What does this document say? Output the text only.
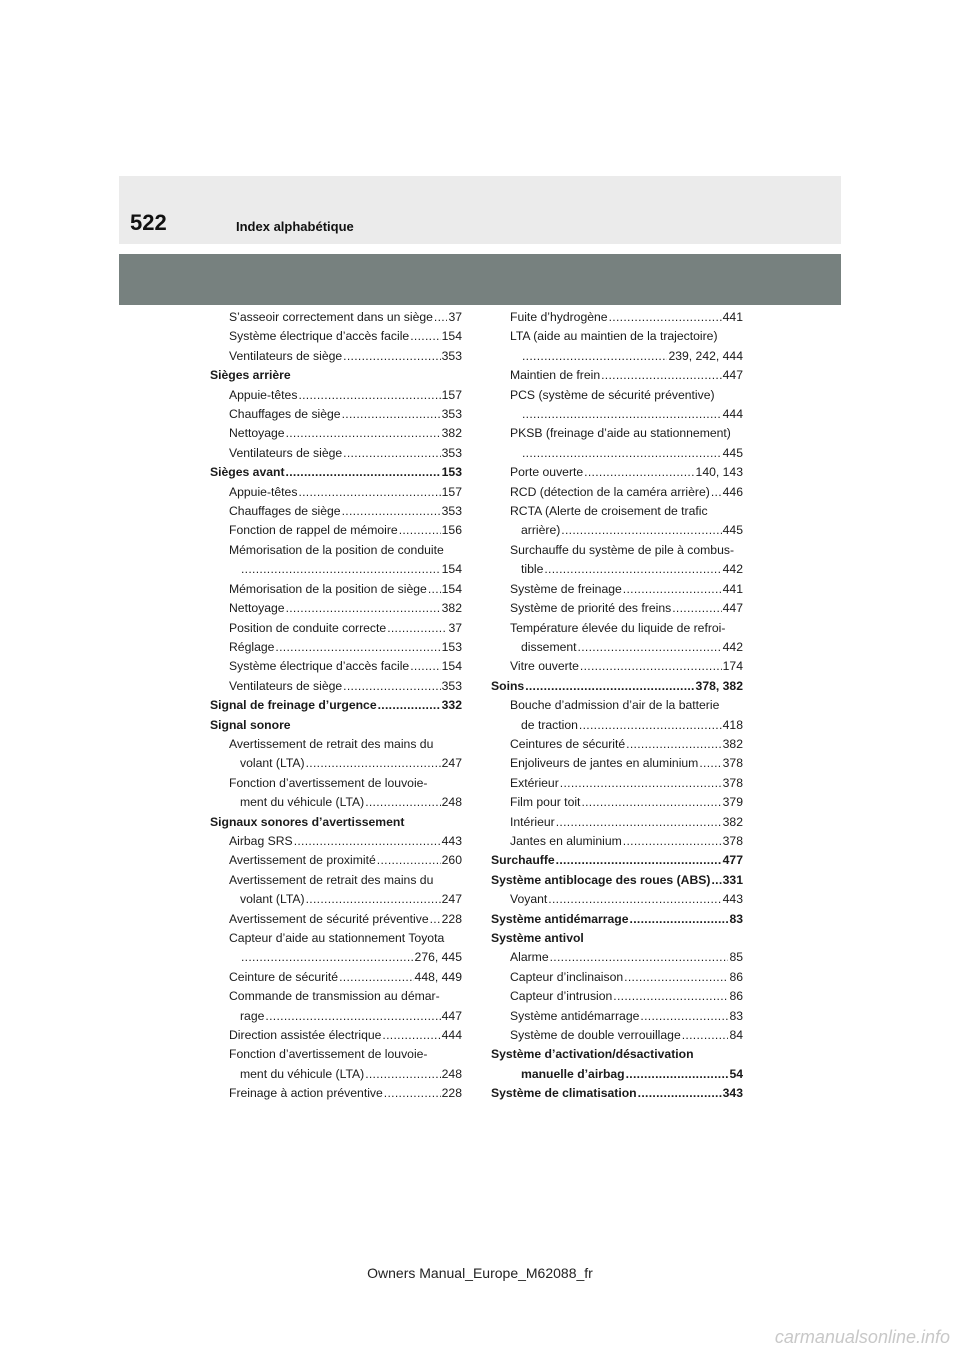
522	Index alphabétique
S’asseoir correctement dans un siège ..... 37
Système électrique d’accès facile .....	154
Ventilateurs de siège .....	353
Sièges arrière
Appuie-têtes .....	157
Chauffages de siège .....	353
Nettoyage .....	382
Ventilateurs de siège .....	353
Sièges avant .....	153
Appuie-têtes .....	157
Chauffages de siège .....	353
Fonction de rappel de mémoire .....	156
Mémorisation de la position de conduite
.....
154
Mémorisation de la position de siège ..... 154
Nettoyage .....	382
Position de conduite correcte .....	37
Réglage .....	153
Système électrique d’accès facile .....	154
Ventilateurs de siège .....	353
Signal de freinage d’urgence .....	332
Signal sonore
Avertissement de retrait des mains du
volant (LTA) .....	247
Fonction d’avertissement de louvoie-
ment du véhicule (LTA) .....	248
Signaux sonores d’avertissement
Airbag SRS .....	443
Avertissement de proximité .....	260
Avertissement de retrait des mains du
volant (LTA) .....	247
Avertissement de sécurité préventive ..... 228
Capteur d’aide au stationnement Toyota
.....
276, 445
Ceinture de sécurité .....	448, 449
Commande de transmission au démar-
rage .....	447
Direction assistée électrique .....	444
Fonction d’avertissement de louvoie-
ment du véhicule (LTA) .....	248
Freinage à action préventive .....	228
Fuite d’hydrogène .....	441
LTA (aide au maintien de la trajectoire)
.....
239, 242, 444
Maintien de frein .....	447
PCS (système de sécurité préventive)
.....
444
PKSB (freinage d’aide au stationnement)
.....
445
Porte ouverte .....	140, 143
RCD (détection de la caméra arrière) ..... 446
RCTA (Alerte de croisement de trafic
arrière) .....	445
Surchauffe du système de pile à combus-
tible .....	442
Système de freinage .....	441
Système de priorité des freins .....	447
Température élevée du liquide de refroi-
dissement .....	442
Vitre ouverte .....	174
Soins .....	378, 382
Bouche d’admission d’air de la batterie
de traction .....	418
Ceintures de sécurité .....	382
Enjoliveurs de jantes en aluminium ..... 378
Extérieur .....	378
Film pour toit .....	379
Intérieur .....	382
Jantes en aluminium .....	378
Surchauffe .....	477
Système antiblocage des roues (ABS) ..... 331
Voyant .....	443
Système antidémarrage .....	83
Système antivol
Alarme .....	85
Capteur d’inclinaison .....	86
Capteur d’intrusion .....	86
Système antidémarrage .....	83
Système de double verrouillage .....	84
Système d’activation/désactivation
manuelle d’airbag .....	54
Système de climatisation .....	343
Owners Manual_Europe_M62088_fr
carmanualsonline.info
